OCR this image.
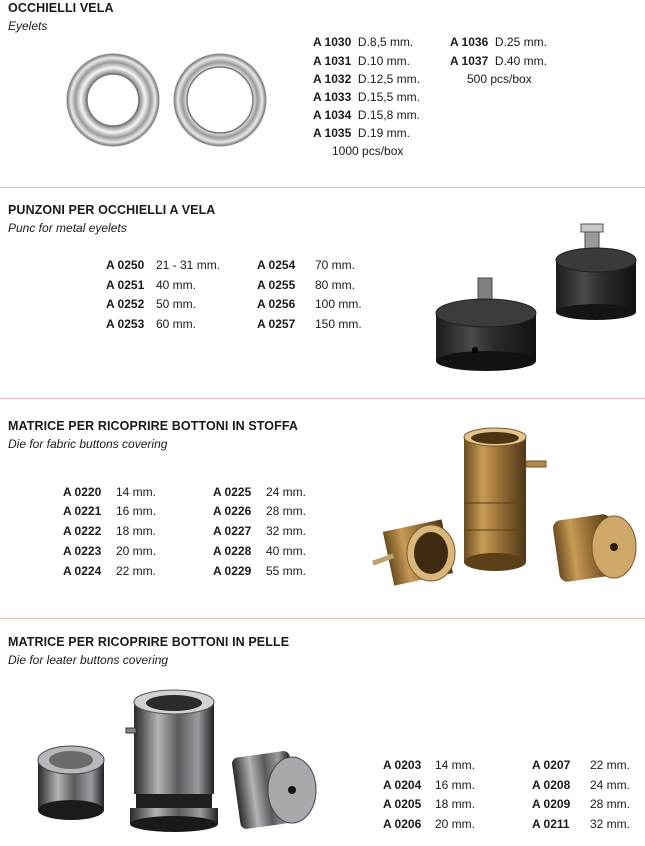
OCCHIELLI VELA
Eyelets
A 1030 D.8,5 mm.
A 1031 D.10 mm.
A 1032 D.12,5 mm.
A 1033 D.15,5 mm.
A 1034 D.15,8 mm.
A 1035 D.19 mm.
1000 pcs/box
A 1036 D.25 mm.
A 1037 D.40 mm.
500 pcs/box
PUNZONI PER OCCHIELLI A VELA
Punc for metal eyelets
A 0250 21 - 31 mm.
A 0251 40 mm.
A 0252 50 mm.
A 0253 60 mm.
A 0254 70 mm.
A 0255 80 mm.
A 0256 100 mm.
A 0257 150 mm.
MATRICE PER RICOPRIRE BOTTONI IN STOFFA
Die for fabric buttons covering
A 0220 14 mm.
A 0221 16 mm.
A 0222 18 mm.
A 0223 20 mm.
A 0224 22 mm.
A 0225 24 mm.
A 0226 28 mm.
A 0227 32 mm.
A 0228 40 mm.
A 0229 55 mm.
MATRICE PER RICOPRIRE BOTTONI IN PELLE
Die for leater buttons covering
A 0203 14 mm.
A 0204 16 mm.
A 0205 18 mm.
A 0206 20 mm.
A 0207 22 mm.
A 0208 24 mm.
A 0209 28 mm.
A 0211 32 mm.
